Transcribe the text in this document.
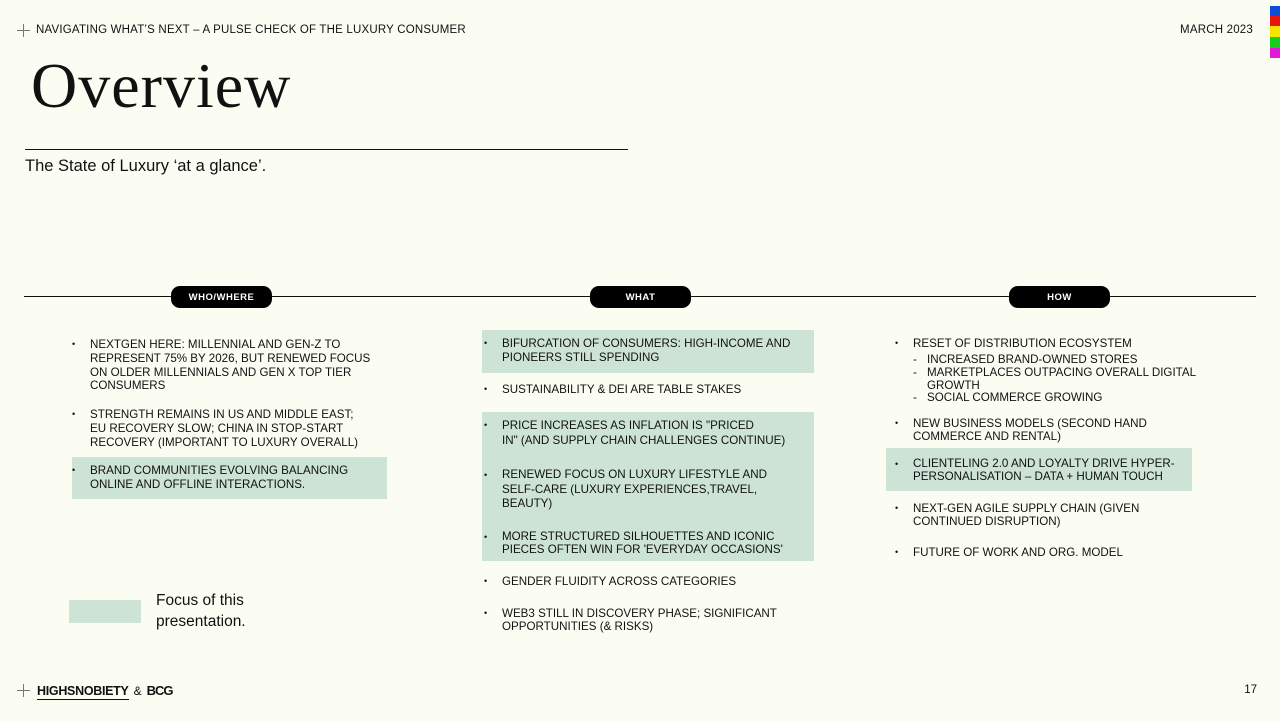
NAVIGATING WHAT’S NEXT – A PULSE CHECK OF THE LUXURY CONSUMER	MARCH 2023
Overview
The State of Luxury ‘at a glance’.
WHO/WHERE	WHAT	HOW
• NEXTGEN HERE: MILLENNIAL AND GEN-Z TO
REPRESENT 75% BY 2026, BUT RENEWED FOCUS
ON OLDER MILLENNIALS AND GEN X TOP TIER
CONSUMERS
• STRENGTH REMAINS IN US AND MIDDLE EAST;
EU RECOVERY SLOW; CHINA IN STOP-START
RECOVERY (IMPORTANT TO LUXURY OVERALL)
• BRAND COMMUNITIES EVOLVING BALANCING
ONLINE AND OFFLINE INTERACTIONS.
• BIFURCATION OF CONSUMERS: HIGH-INCOME AND
PIONEERS STILL SPENDING
• SUSTAINABILITY & DEI ARE TABLE STAKES
• PRICE INCREASES AS INFLATION IS "PRICED
IN" (AND SUPPLY CHAIN CHALLENGES CONTINUE)
• RENEWED FOCUS ON LUXURY LIFESTYLE AND
SELF-CARE (LUXURY EXPERIENCES,TRAVEL,
BEAUTY)
• MORE STRUCTURED SILHOUETTES AND ICONIC
PIECES OFTEN WIN FOR 'EVERYDAY OCCASIONS'
• GENDER FLUIDITY ACROSS CATEGORIES
• WEB3 STILL IN DISCOVERY PHASE; SIGNIFICANT
OPPORTUNITIES (& RISKS)
• RESET OF DISTRIBUTION ECOSYSTEM
- INCREASED BRAND-OWNED STORES
- MARKETPLACES OUTPACING OVERALL DIGITAL
GROWTH
- SOCIAL COMMERCE GROWING
• NEW BUSINESS MODELS (SECOND HAND
COMMERCE AND RENTAL)
• CLIENTELING 2.0 AND LOYALTY DRIVE HYPER-
PERSONALISATION – DATA + HUMAN TOUCH
• NEXT-GEN AGILE SUPPLY CHAIN (GIVEN
CONTINUED DISRUPTION)
• FUTURE OF WORK AND ORG. MODEL
Focus of this
presentation.
HIGHSNOBIETY & BCG	17
